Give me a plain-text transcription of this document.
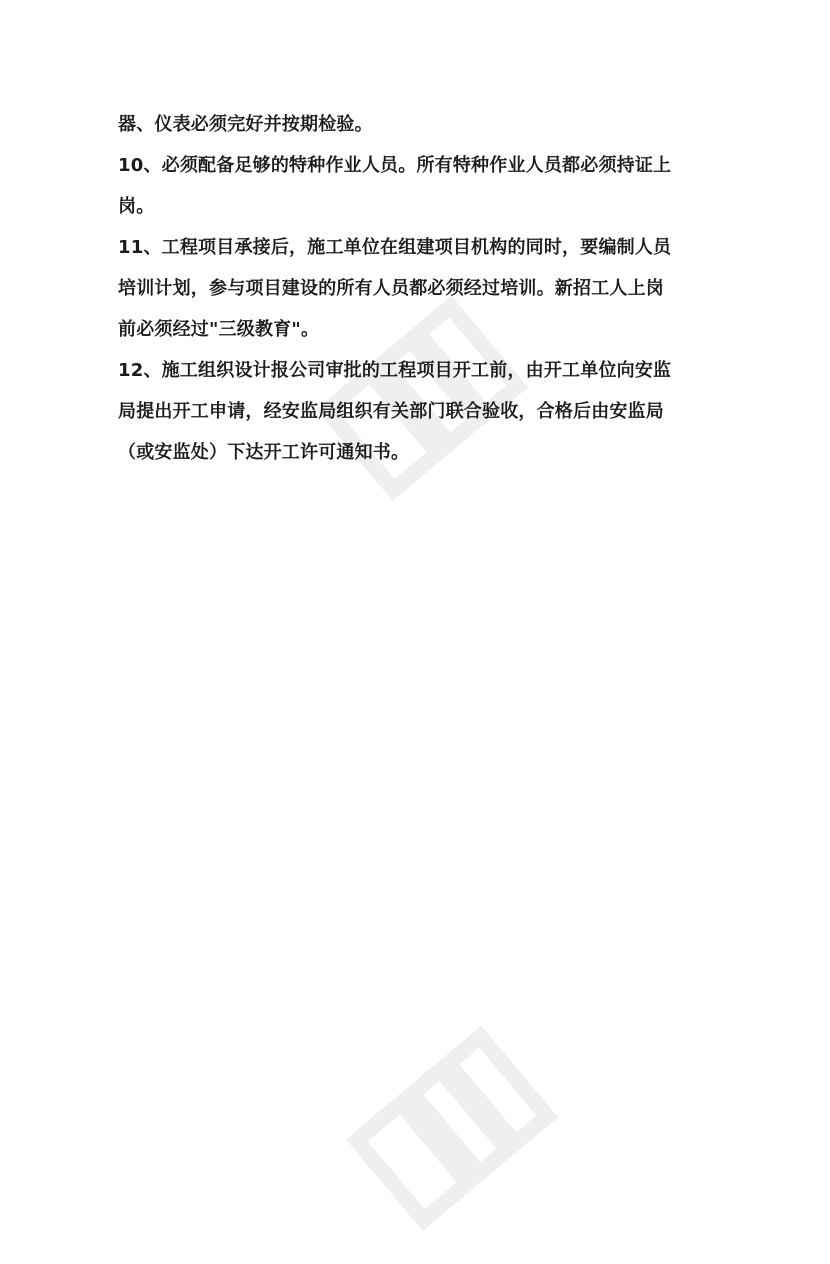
器、仪表必须完好并按期检验。

10、必须配备足够的特种作业人员。所有特种作业人员都必须持证上
岗。

11、工程项目承接后，施工单位在组建项目机构的同时，要编制人员
培训计划，参与项目建设的所有人员都必须经过培训。新招工人上岗
前必须经过"三级教育"。

12、施工组织设计报公司审批的工程项目开工前，由开工单位向安监
局提出开工申请，经安监局组织有关部门联合验收，合格后由安监局
（或安监处）下达开工许可通知书。
